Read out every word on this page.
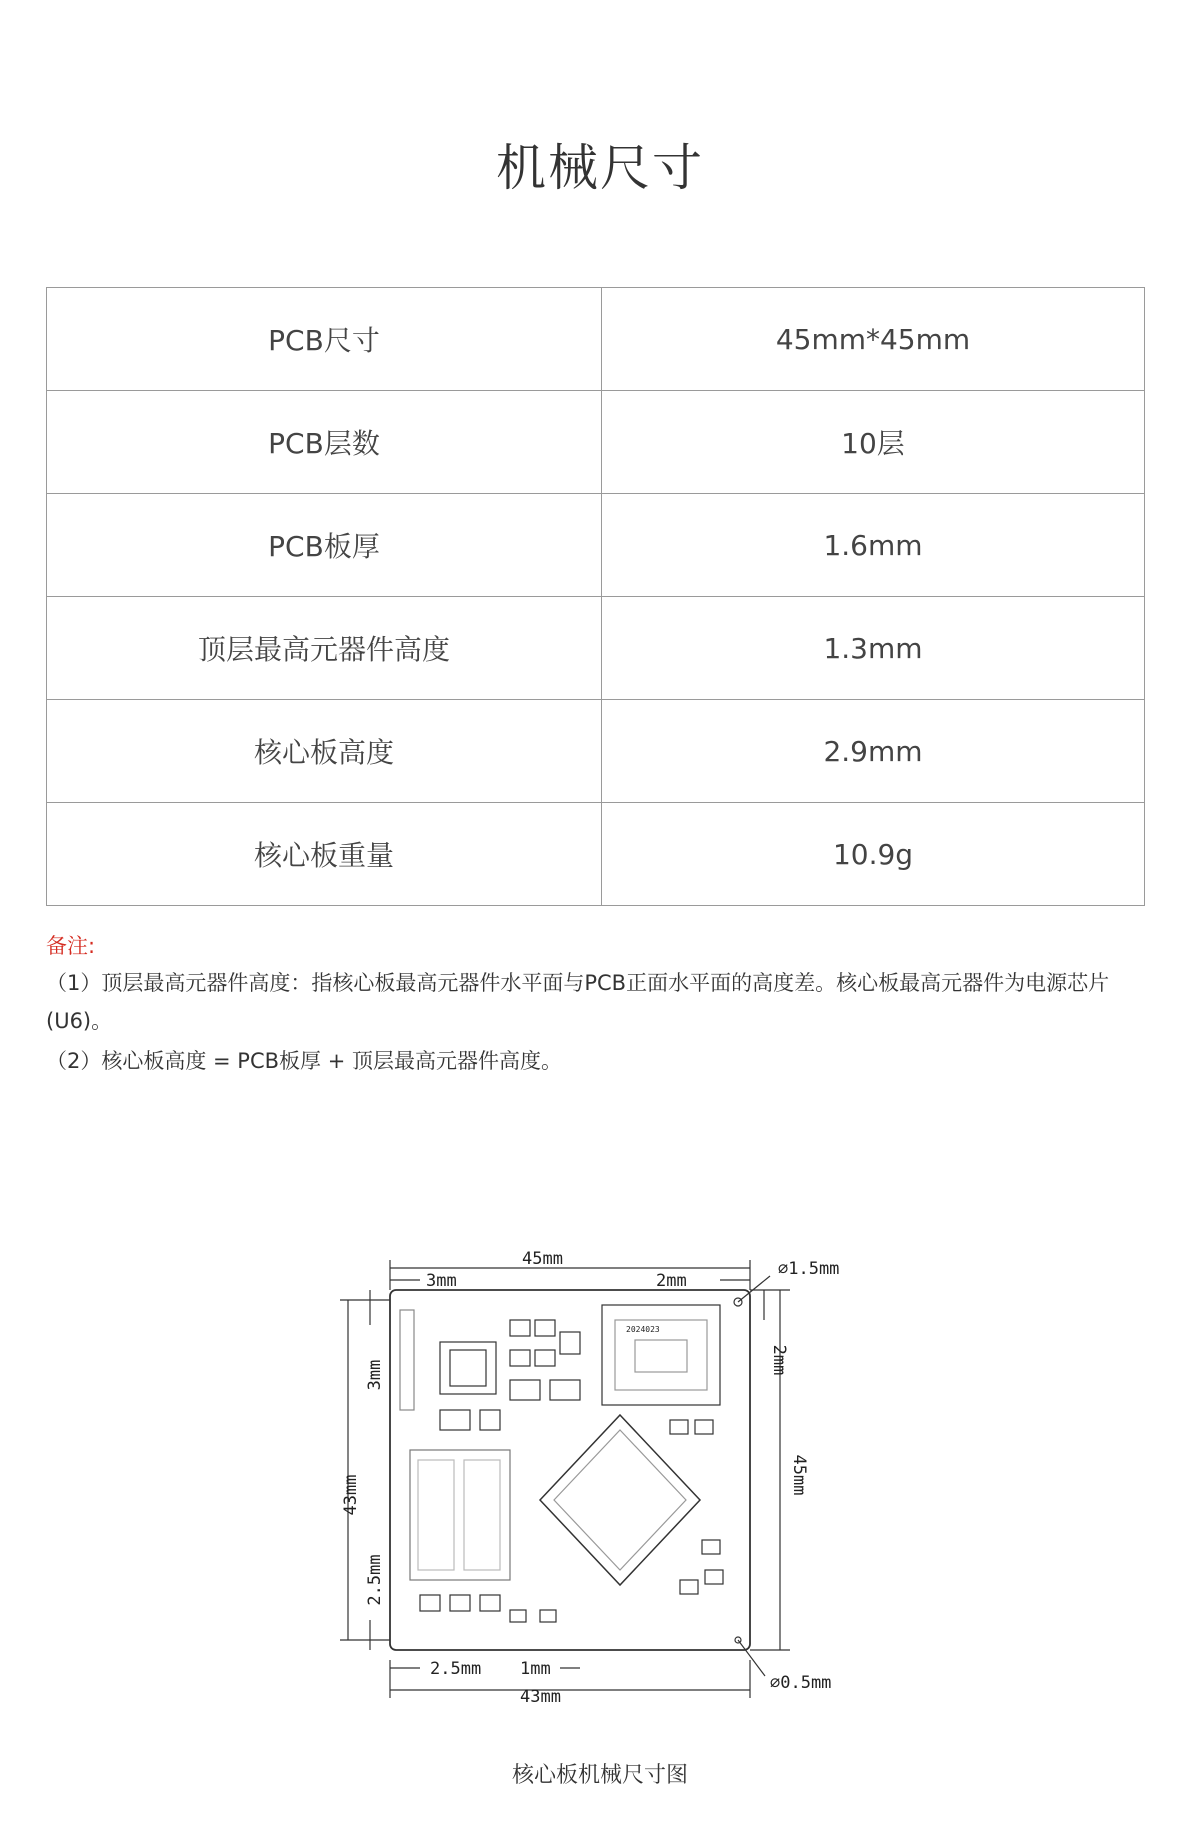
机械尺寸
PCB尺寸	45mm*45mm
PCB层数	10层
PCB板厚	1.6mm
顶层最高元器件高度	1.3mm
核心板高度	2.9mm
核心板重量	10.9g
备注:
（1）顶层最高元器件高度：指核心板最高元器件水平面与PCB正面水平面的高度差。核心板最高元器件为电源芯片(U6)。
（2）核心板高度 = PCB板厚 + 顶层最高元器件高度。
45mm
3mm	2mm
∅1.5mm
43mm
3mm
2.5mm
2mm
45mm
2.5mm 1mm
43mm
∅0.5mm
2024023
核心板机械尺寸图
